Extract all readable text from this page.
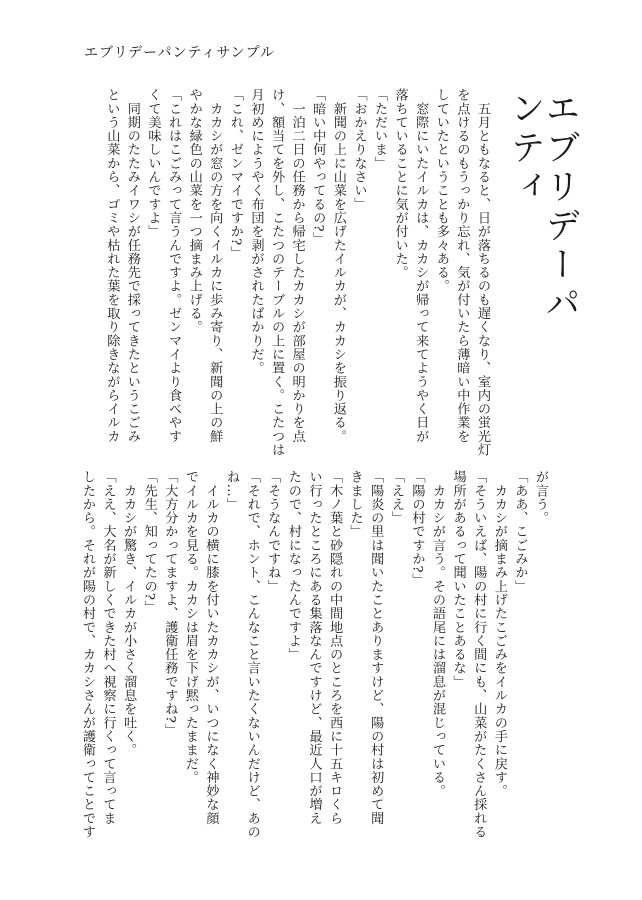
エブリデーパンティサンプル
エブリデーパンティ
　五月ともなると、日が落ちるのも遅くなり、室内の蛍光灯
を点けるのもうっかり忘れ、気が付いたら薄暗い中作業を
していたということも多々ある。
　窓際にいたイルカは、カカシが帰って来てようやく日が
落ちていることに気が付いた。
「ただいま」
「おかえりなさい」
　新聞の上に山菜を広げたイルカが、カカシを振り返る。
「暗い中何やってるの?」
　一泊二日の任務から帰宅したカカシが部屋の明かりを点
け、額当てを外し、こたつのテーブルの上に置く。こたつは
月初めにようやく布団を剥がされたばかりだ。
「これ、ゼンマイですか?」
　カカシが窓の方を向くイルカに歩み寄り、新聞の上の鮮
やかな緑色の山菜を一つ摘まみ上げる。
「これはこごみって言うんですよ。ゼンマイより食べやす
くて美味しいんですよ」
　同期のたたみイワシが任務先で採ってきたというこごみ
という山菜から、ゴミや枯れた葉を取り除きながらイルカ
が言う。
「ああ、こごみか」
　カカシが摘まみ上げたこごみをイルカの手に戻す。
「そういえば、陽の村に行く間にも、山菜がたくさん採れる
場所があるって聞いたことあるな」
　カカシが言う。その語尾には溜息が混じっている。
「陽の村ですか?」
「ええ」
「陽炎の里は聞いたことありますけど、陽の村は初めて聞
きました」
「木ノ葉と砂隠れの中間地点のところを西に十五キロくら
い行ったところにある集落なんですけど、最近人口が増え
たので、村になったんですよ」
「そうなんですね」
「それで、ホント、こんなこと言いたくないんだけど、あの
ね…」
　イルカの横に膝を付いたカカシが、いつになく神妙な顔
でイルカを見る。カカシは眉を下げ黙ったままだ。
「大方分かってますよ、護衛任務ですね?」
「先生、知ってたの?」
　カカシが驚き、イルカが小さく溜息を吐く。
「ええ、大名が新しくできた村へ視察に行くって言ってま
したから。それが陽の村で、カカシさんが護衛ってことです
